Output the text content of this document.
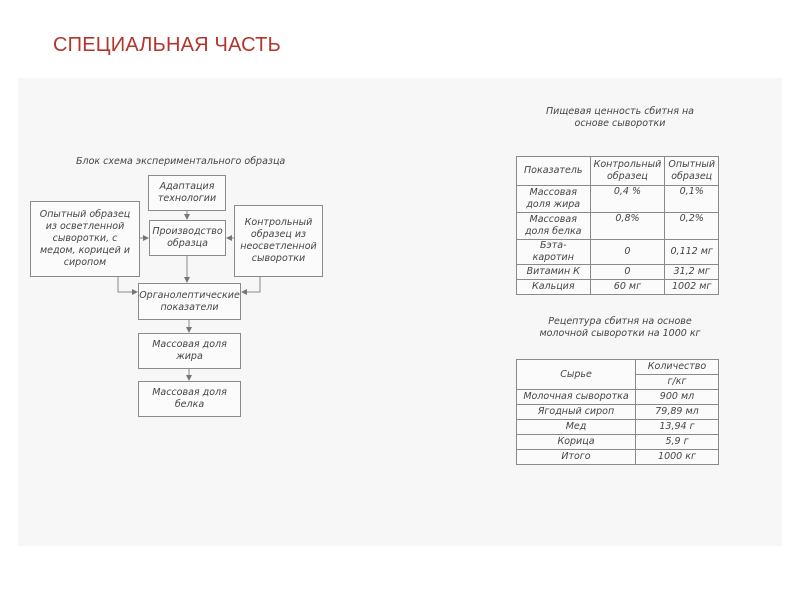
СПЕЦИАЛЬНАЯ ЧАСТЬ
Блок схема экспериментального образца
Адаптация технологии
Производство образца
Опытный образец из осветленной сыворотки, с медом, корицей и сиропом
Контрольный образец из неосветленной сыворотки
Органолептические показатели
Массовая доля жира
Массовая доля белка
Пищевая ценность сбитня на
основе сыворотки
Показатель	Контрольный образец	Опытный образец
Массовая доля жира	0,4 %	0,1%
Массовая доля белка	0,8%	0,2%
Бэта-каротин	0	0,112 мг
Витамин К	0	31,2 мг
Кальция	60 мг	1002 мг
Рецептура сбитня на основе
молочной сыворотки на 1000 кг
Сырье	Количество
	г/кг
Молочная сыворотка	900 мл
Ягодный сироп	79,89 мл
Мед	13,94 г
Корица	5,9 г
Итого	1000 кг
